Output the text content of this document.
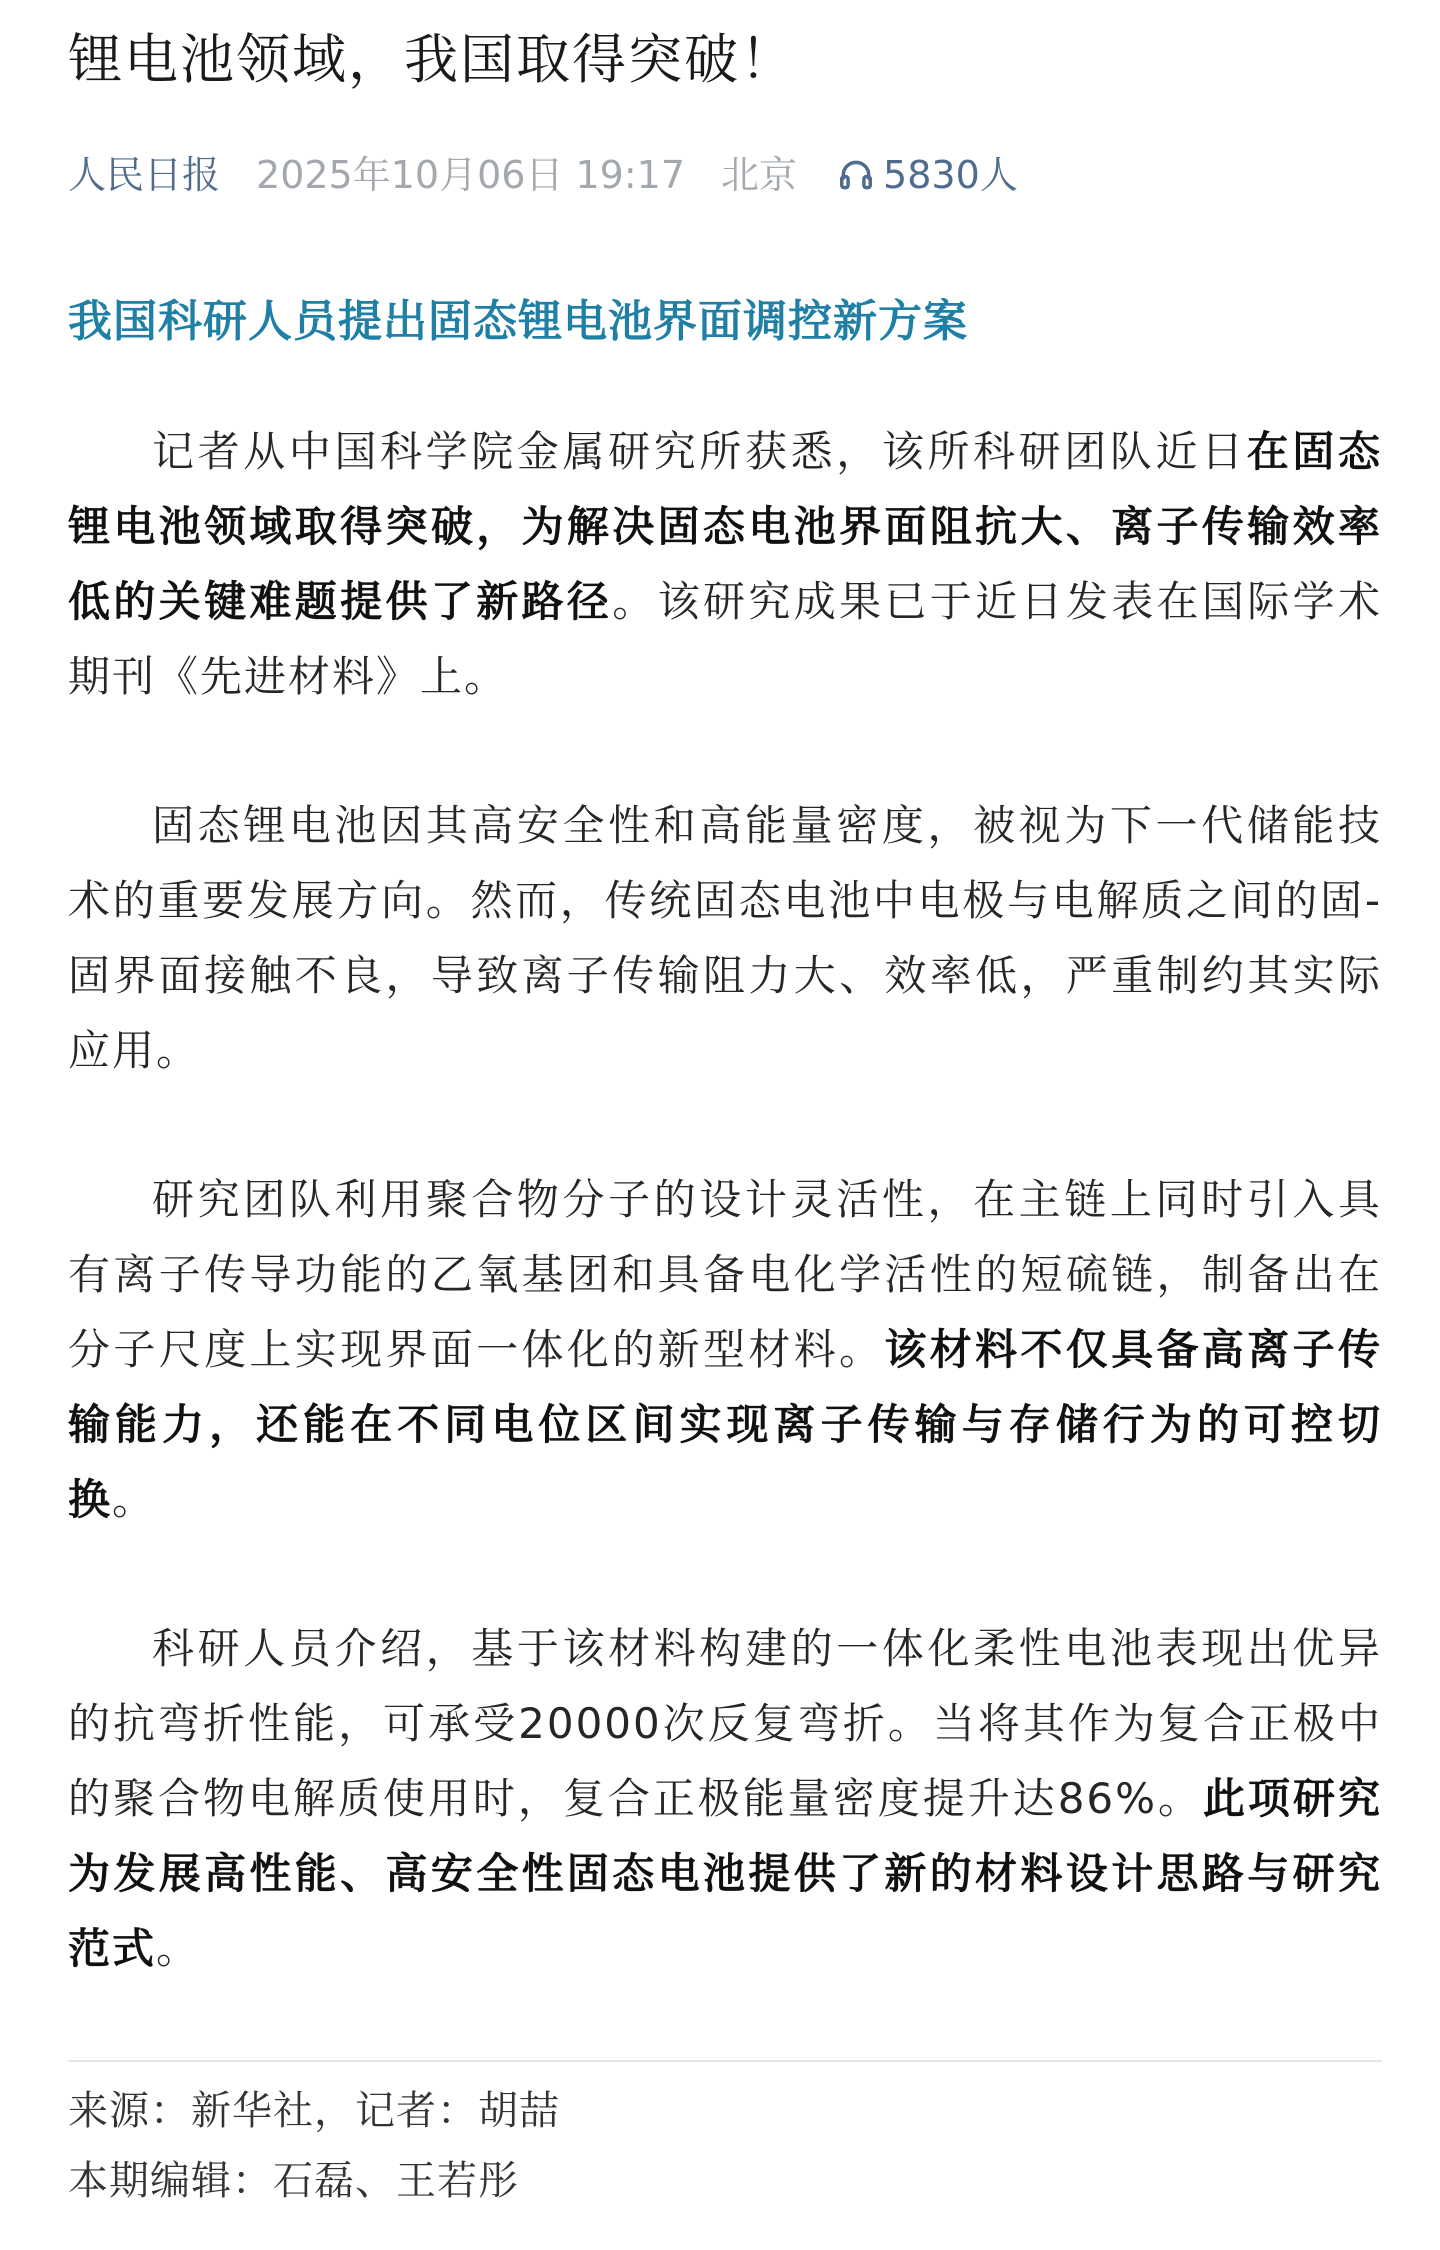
锂电池领域，我国取得突破！
人民日报 2025年10月06日 19:17 北京 5830人
我国科研人员提出固态锂电池界面调控新方案

记者从中国科学院金属研究所获悉，该所科研团队近日在固态锂电池领域取得突破，为解决固态电池界面阻抗大、离子传输效率低的关键难题提供了新路径。该研究成果已于近日发表在国际学术期刊《先进材料》上。

固态锂电池因其高安全性和高能量密度，被视为下一代储能技术的重要发展方向。然而，传统固态电池中电极与电解质之间的固-固界面接触不良，导致离子传输阻力大、效率低，严重制约其实际应用。

研究团队利用聚合物分子的设计灵活性，在主链上同时引入具有离子传导功能的乙氧基团和具备电化学活性的短硫链，制备出在分子尺度上实现界面一体化的新型材料。该材料不仅具备高离子传输能力，还能在不同电位区间实现离子传输与存储行为的可控切换。

科研人员介绍，基于该材料构建的一体化柔性电池表现出优异的抗弯折性能，可承受20000次反复弯折。当将其作为复合正极中的聚合物电解质使用时，复合正极能量密度提升达86%。此项研究为发展高性能、高安全性固态电池提供了新的材料设计思路与研究范式。

来源：新华社，记者：胡喆
本期编辑：石磊、王若彤
